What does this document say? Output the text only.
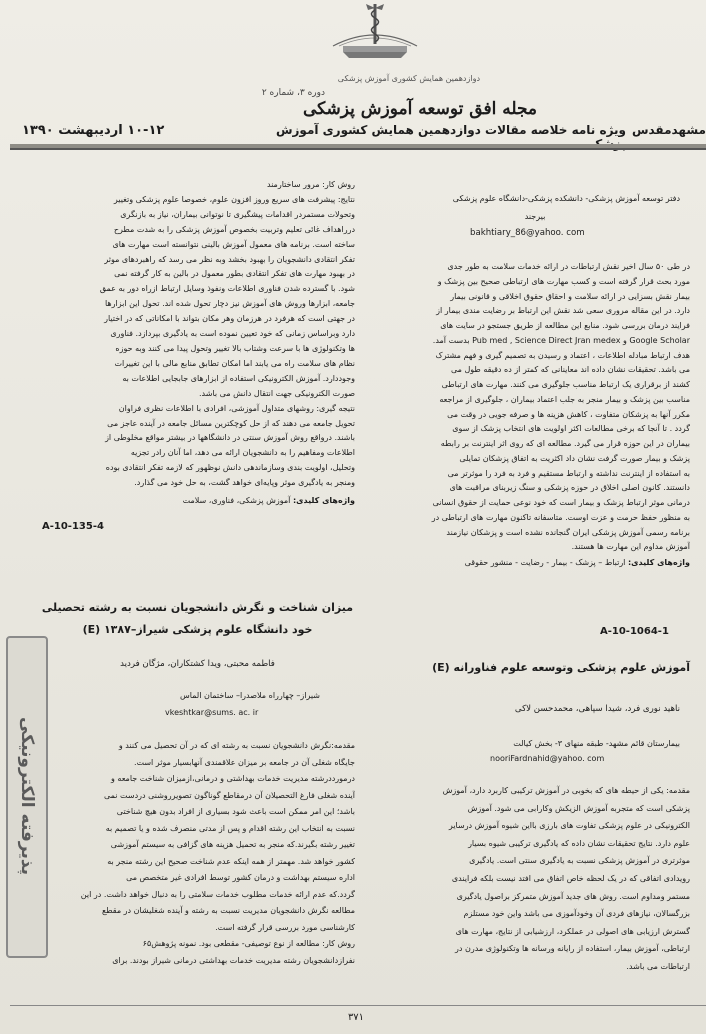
دوازدهمین همایش کشوری آموزش پزشکی
دوره ۳، شماره ۲
مجله افق توسعه آموزش پزشکی
ویژه نامه خلاصه مقالات دوازدهمین همایش کشوری آموزش
۱۰-۱۲ اردیبهشت ۱۳۹۰	مشهدمقدس
دفتر توسعه آموزش پزشکی- دانشکده پزشکی-دانشگاه علوم پزشکی
بیرجند
bakhtiary_86@yahoo. com
در طی ۵۰ سال اخیر نقش ارتباطات در ارائه خدمات سلامت به طور جدی
مورد بحث قرار گرفته است و کسب مهارت های ارتباطی صحیح بین پزشک و
بیمار نقش بسزایی در ارائه سلامت و احقاق حقوق اخلاقی و قانونی بیمار
دارد. در این مقاله مروری سعی شد نقش این ارتباط بر رضایت مندی بیمار از
فرایند درمان بررسی شود. منابع این مطالعه از طریق جستجو در سایت های
Google Scholar و Pub med , Science Direct Jran medex بدست آمد.
هدف ارتباط مبادله اطلاعات ، اعتماد و رسیدن به تصمیم گیری و فهم مشترک
می باشد. تحقیقات نشان داده اند معاینانی که کمتر از ده دقیقه طول می
کشند از برقراری یک ارتباط مناسب جلوگیری می کنند. مهارت های ارتباطی
مناسب بین پزشک و بیمار منجر به جلب اعتماد بیماران ، جلوگیری از مراجعه
مکرر آنها به پزشکان متفاوت ، کاهش هزینه ها و صرفه جویی در وقت می
گردد . تا آنجا که برخی مطالعات اکثر اولویت های انتخاب پزشک از سوی
بیماران در این حوزه قرار می گیرد. مطالعه ای که روی اثر اینترنت بر رابطه
پزشک و بیمار صورت گرفت نشان داد اکثریت به اتفاق پزشکان تمایلی
به استفاده از اینترنت نداشته و ارتباط مستقیم و فرد به فرد را موثرتر می
دانستند. کانون اصلی اخلاق در حوزه پزشکی و سنگ زیربنای مراقبت های
درمانی موثر ارتباط پزشک و بیمار است که خود نوعی حمایت از حقوق انسانی
به منظور حفظ حرمت و عزت اوست. متاسفانه تاکنون مهارت های ارتباطی در
برنامه رسمی آموزش پزشکی ایران گنجانده نشده است و پزشکان نیازمند
آموزش مداوم این مهارت ها هستند.
واژه‌های کلیدی: ارتباط – پزشک - بیمار - رضایت - منشور حقوقی
A-10-1064-1
آموزش علوم پزشکی وتوسعه علوم فناورانه (E)
ناهید نوری فرد، شیدا سپاهی، محمدحسن لاکی
بیمارستان قائم مشهد- طبقه منهای ۳- بخش کیالت
nooriFardnahid@yahoo. com
مقدمه: یکی از حیطه های که بخوبی در آموزش ترکیبی کاربرد دارد، آموزش
پزشکی است که متجربه آموزش الزیکش وکارابی می شود. آموزش
الکترونیکی در علوم پزشکی تفاوت های بارزی بااین شیوه آموزش درسایر
علوم دارد. نتایج تحقیقات نشان داده که یادگیری ترکیبی شیوه بسیار
موثرتری در آموزش پزشکی نسبت به یادگیری سنتی است. یادگیری
رویدادی اتفاقی که در یک لحظه خاص اتفاق می افتد نیست بلکه فرایندی
مستمر ومداوم است. روش های جدید آموزش متمرکز براصول یادگیری
بزرگسالان، نیازهای فردی آن وخودآموزی می باشد واین خود مستلزم
گسترش ارزیابی های اصولی در عملکرد، ارزشیابی از نتایج، مهارت های
ارتباطی، آموزش بیمار، استفاده از رایانه ورسانه ها وتکنولوژی مدرن در
ارتباطات می باشد.
روش کار: مرور ساختارمند
نتایج: پیشرفت های سریع وروز افزون علوم، خصوصا علوم پزشکی وتغییر
وتحولات مستمردر اقدامات پیشگیری تا نوتوانی بیماران، نیاز به بازنگری
درراهداف غائی تعلیم وتربیت بخصوص آموزش پزشکی را به شدت مطرح
ساخته است. برنامه های معمول آموزش بالینی نتوانسته است مهارت های
تفکر انتقادی دانشجویان را بهبود بخشد وبه نظر می رسد که راهبردهای موثر
در بهبود مهارت های تفکر انتقادی بطور معمول در بالین به کار گرفته نمی
شود. با گسترده شدن فناوری اطلاعات ونفوذ وسایل ارتباط ازراه دور به عمق
جامعه، ابزارها وروش های آموزش نیز دچار تحول شده اند. تحول این ابزارها
در جهتی است که هرفرد در هرزمان وهر مکان بتواند با امکاناتی که در اختیار
دارد وبراساس زمانی که خود تعیین نموده است به یادگیری بپردازد. فناوری
ها وتکنولوژی ها با سرعت وشتاب بالا تغییر وتحول پیدا می کنند وبه حوزه
نظام های سلامت راه می یابند اما امکان تطابق منابع مالی با این تغییرات
وجوددارد. آموزش الکترونیکی استفاده از ابزارهای جابجایی اطلاعات به
صورت الکترونیکی جهت انتقال دانش می باشد.
نتیجه گیری: روشهای متداول آموزشی، افرادی با اطلاعات نظری فراوان
تحویل جامعه می دهند که از حل کوچکترین مسائل جامعه در آینده عاجز می
باشند. درواقع روش آموزش سنتی در دانشگاهها در بیشتر مواقع مخلوطی از
اطلاعات ومفاهیم را به دانشجویان ارائه می دهد، اما آنان رادر تجزیه
وتحلیل، اولویت بندی وسازماندهی دانش نوظهور که لازمه تفکر انتقادی بوده
ومنجر به یادگیری موثر وپایه‌ای خواهد گشت، به حل خود می گذارد.
واژه‌های کلیدی: آموزش پزشکی، فناوری، سلامت
A-10-135-4
میزان شناخت و نگرش دانشجویان نسبت به رشته تحصیلی
خود دانشگاه علوم پزشکی شیراز–۱۳۸۷ (E)
فاطمه محبتی، ویدا کشتکاران، مژگان فردید
شیراز– چهارراه ملاصدرا– ساختمان الماس
vkeshtkar@sums. ac. ir
مقدمه:نگرش دانشجویان نسبت به رشته ای که در آن تحصیل می کنند و
جایگاه شغلی آن در جامعه بر میزان علاقمندی آنهابسیار موثر است.
درمورددرشته مدیریت خدمات بهداشتی و درمانی،ازمیزان شناخت جامعه و
آینده شغلی فارغ التحصیلان آن درمقاطع گوناگون تصویرروشنی دردست نمی
باشد؛ این امر ممکن است باعث شود بسیاری از افراد بدون هیچ شناختی
نسبت به انتخاب این رشته اقدام و پس از مدتی منصرف شده و یا تصمیم به
تغییر رشته بگیرند.که منجر به تحمیل هزینه های گزافی به سیستم آموزشی
کشور خواهد شد. مهمتر از همه اینکه عدم شناخت صحیح این رشته منجر به
اداره سیستم بهداشت و درمان کشور توسط افرادی غیر متخصص می
گردد.که عدم ارائه خدمات مطلوب خدمات سلامتی را به دنبال خواهد داشت. در این
مطالعه نگرش دانشجویان مدیریت نسبت به رشته و آینده شغلیشان در مقطع
کارشناسی مورد بررسی قرار گرفته است.
روش کار: مطالعه از نوع توصیفی- مقطعی بود. نمونه پژوهش۶۵
نفرازدانشجویان رشته مدیریت خدمات بهداشتی درمانی شیراز بودند. برای
پذیرفته الکترونیکی
۳۷۱
